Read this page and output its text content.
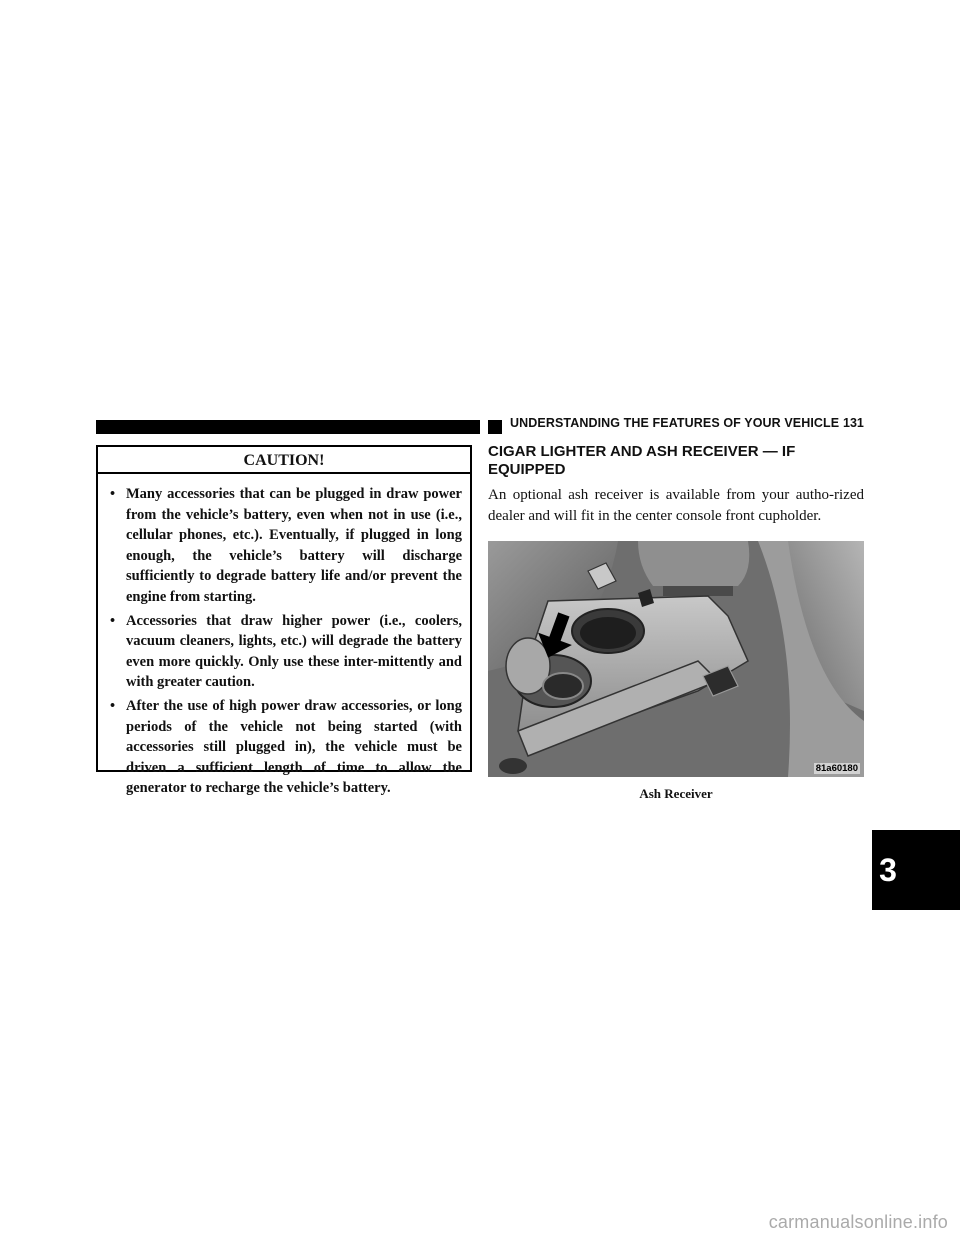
UNDERSTANDING THE FEATURES OF YOUR VEHICLE 131
CAUTION!
• Many accessories that can be plugged in draw power from the vehicle’s battery, even when not in use (i.e., cellular phones, etc.). Eventually, if plugged in long enough, the vehicle’s battery will discharge sufficiently to degrade battery life and/or prevent the engine from starting.
• Accessories that draw higher power (i.e., coolers, vacuum cleaners, lights, etc.) will degrade the battery even more quickly. Only use these inter-mittently and with greater caution.
• After the use of high power draw accessories, or long periods of the vehicle not being started (with accessories still plugged in), the vehicle must be driven a sufficient length of time to allow the generator to recharge the vehicle’s battery.
CIGAR LIGHTER AND ASH RECEIVER — IF EQUIPPED

An optional ash receiver is available from your autho-rized dealer and will fit in the center console front cupholder.

81a60180
Ash Receiver
3
carmanualsonline.info
